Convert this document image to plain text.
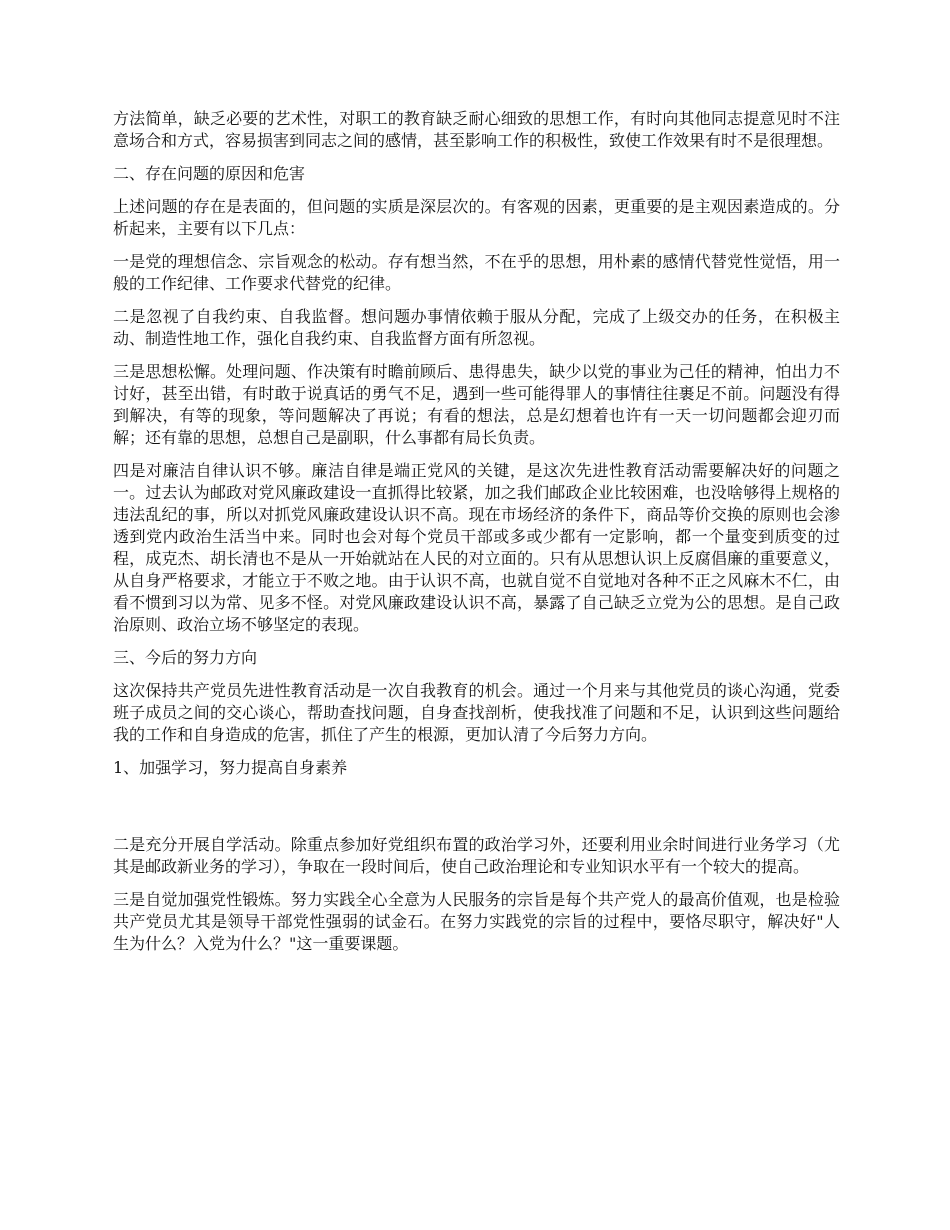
方法简单，缺乏必要的艺术性，对职工的教育缺乏耐心细致的思想工作，有时向其他同志提意见时不注意场合和方式，容易损害到同志之间的感情，甚至影响工作的积极性，致使工作效果有时不是很理想。

二、存在问题的原因和危害

上述问题的存在是表面的，但问题的实质是深层次的。有客观的因素，更重要的是主观因素造成的。分析起来，主要有以下几点：

一是党的理想信念、宗旨观念的松动。存有想当然，不在乎的思想，用朴素的感情代替党性觉悟，用一般的工作纪律、工作要求代替党的纪律。

二是忽视了自我约束、自我监督。想问题办事情依赖于服从分配，完成了上级交办的任务，在积极主动、制造性地工作，强化自我约束、自我监督方面有所忽视。

三是思想松懈。处理问题、作决策有时瞻前顾后、患得患失，缺少以党的事业为己任的精神，怕出力不讨好，甚至出错，有时敢于说真话的勇气不足，遇到一些可能得罪人的事情往往裹足不前。问题没有得到解决，有等的现象，等问题解决了再说；有看的想法，总是幻想着也许有一天一切问题都会迎刃而解；还有靠的思想，总想自己是副职，什么事都有局长负责。

四是对廉洁自律认识不够。廉洁自律是端正党风的关键，是这次先进性教育活动需要解决好的问题之一。过去认为邮政对党风廉政建设一直抓得比较紧，加之我们邮政企业比较困难，也没啥够得上规格的违法乱纪的事，所以对抓党风廉政建设认识不高。现在市场经济的条件下，商品等价交换的原则也会渗透到党内政治生活当中来。同时也会对每个党员干部或多或少都有一定影响，都一个量变到质变的过程，成克杰、胡长清也不是从一开始就站在人民的对立面的。只有从思想认识上反腐倡廉的重要意义，从自身严格要求，才能立于不败之地。由于认识不高，也就自觉不自觉地对各种不正之风麻木不仁，由看不惯到习以为常、见多不怪。对党风廉政建设认识不高，暴露了自己缺乏立党为公的思想。是自己政治原则、政治立场不够坚定的表现。

三、今后的努力方向

这次保持共产党员先进性教育活动是一次自我教育的机会。通过一个月来与其他党员的谈心沟通，党委班子成员之间的交心谈心，帮助查找问题，自身查找剖析，使我找准了问题和不足，认识到这些问题给我的工作和自身造成的危害，抓住了产生的根源，更加认清了今后努力方向。

1、加强学习，努力提高自身素养

二是充分开展自学活动。除重点参加好党组织布置的政治学习外，还要利用业余时间进行业务学习（尤其是邮政新业务的学习），争取在一段时间后，使自己政治理论和专业知识水平有一个较大的提高。

三是自觉加强党性锻炼。努力实践全心全意为人民服务的宗旨是每个共产党人的最高价值观，也是检验共产党员尤其是领导干部党性强弱的试金石。在努力实践党的宗旨的过程中，要恪尽职守，解决好"人生为什么？入党为什么？"这一重要课题。
